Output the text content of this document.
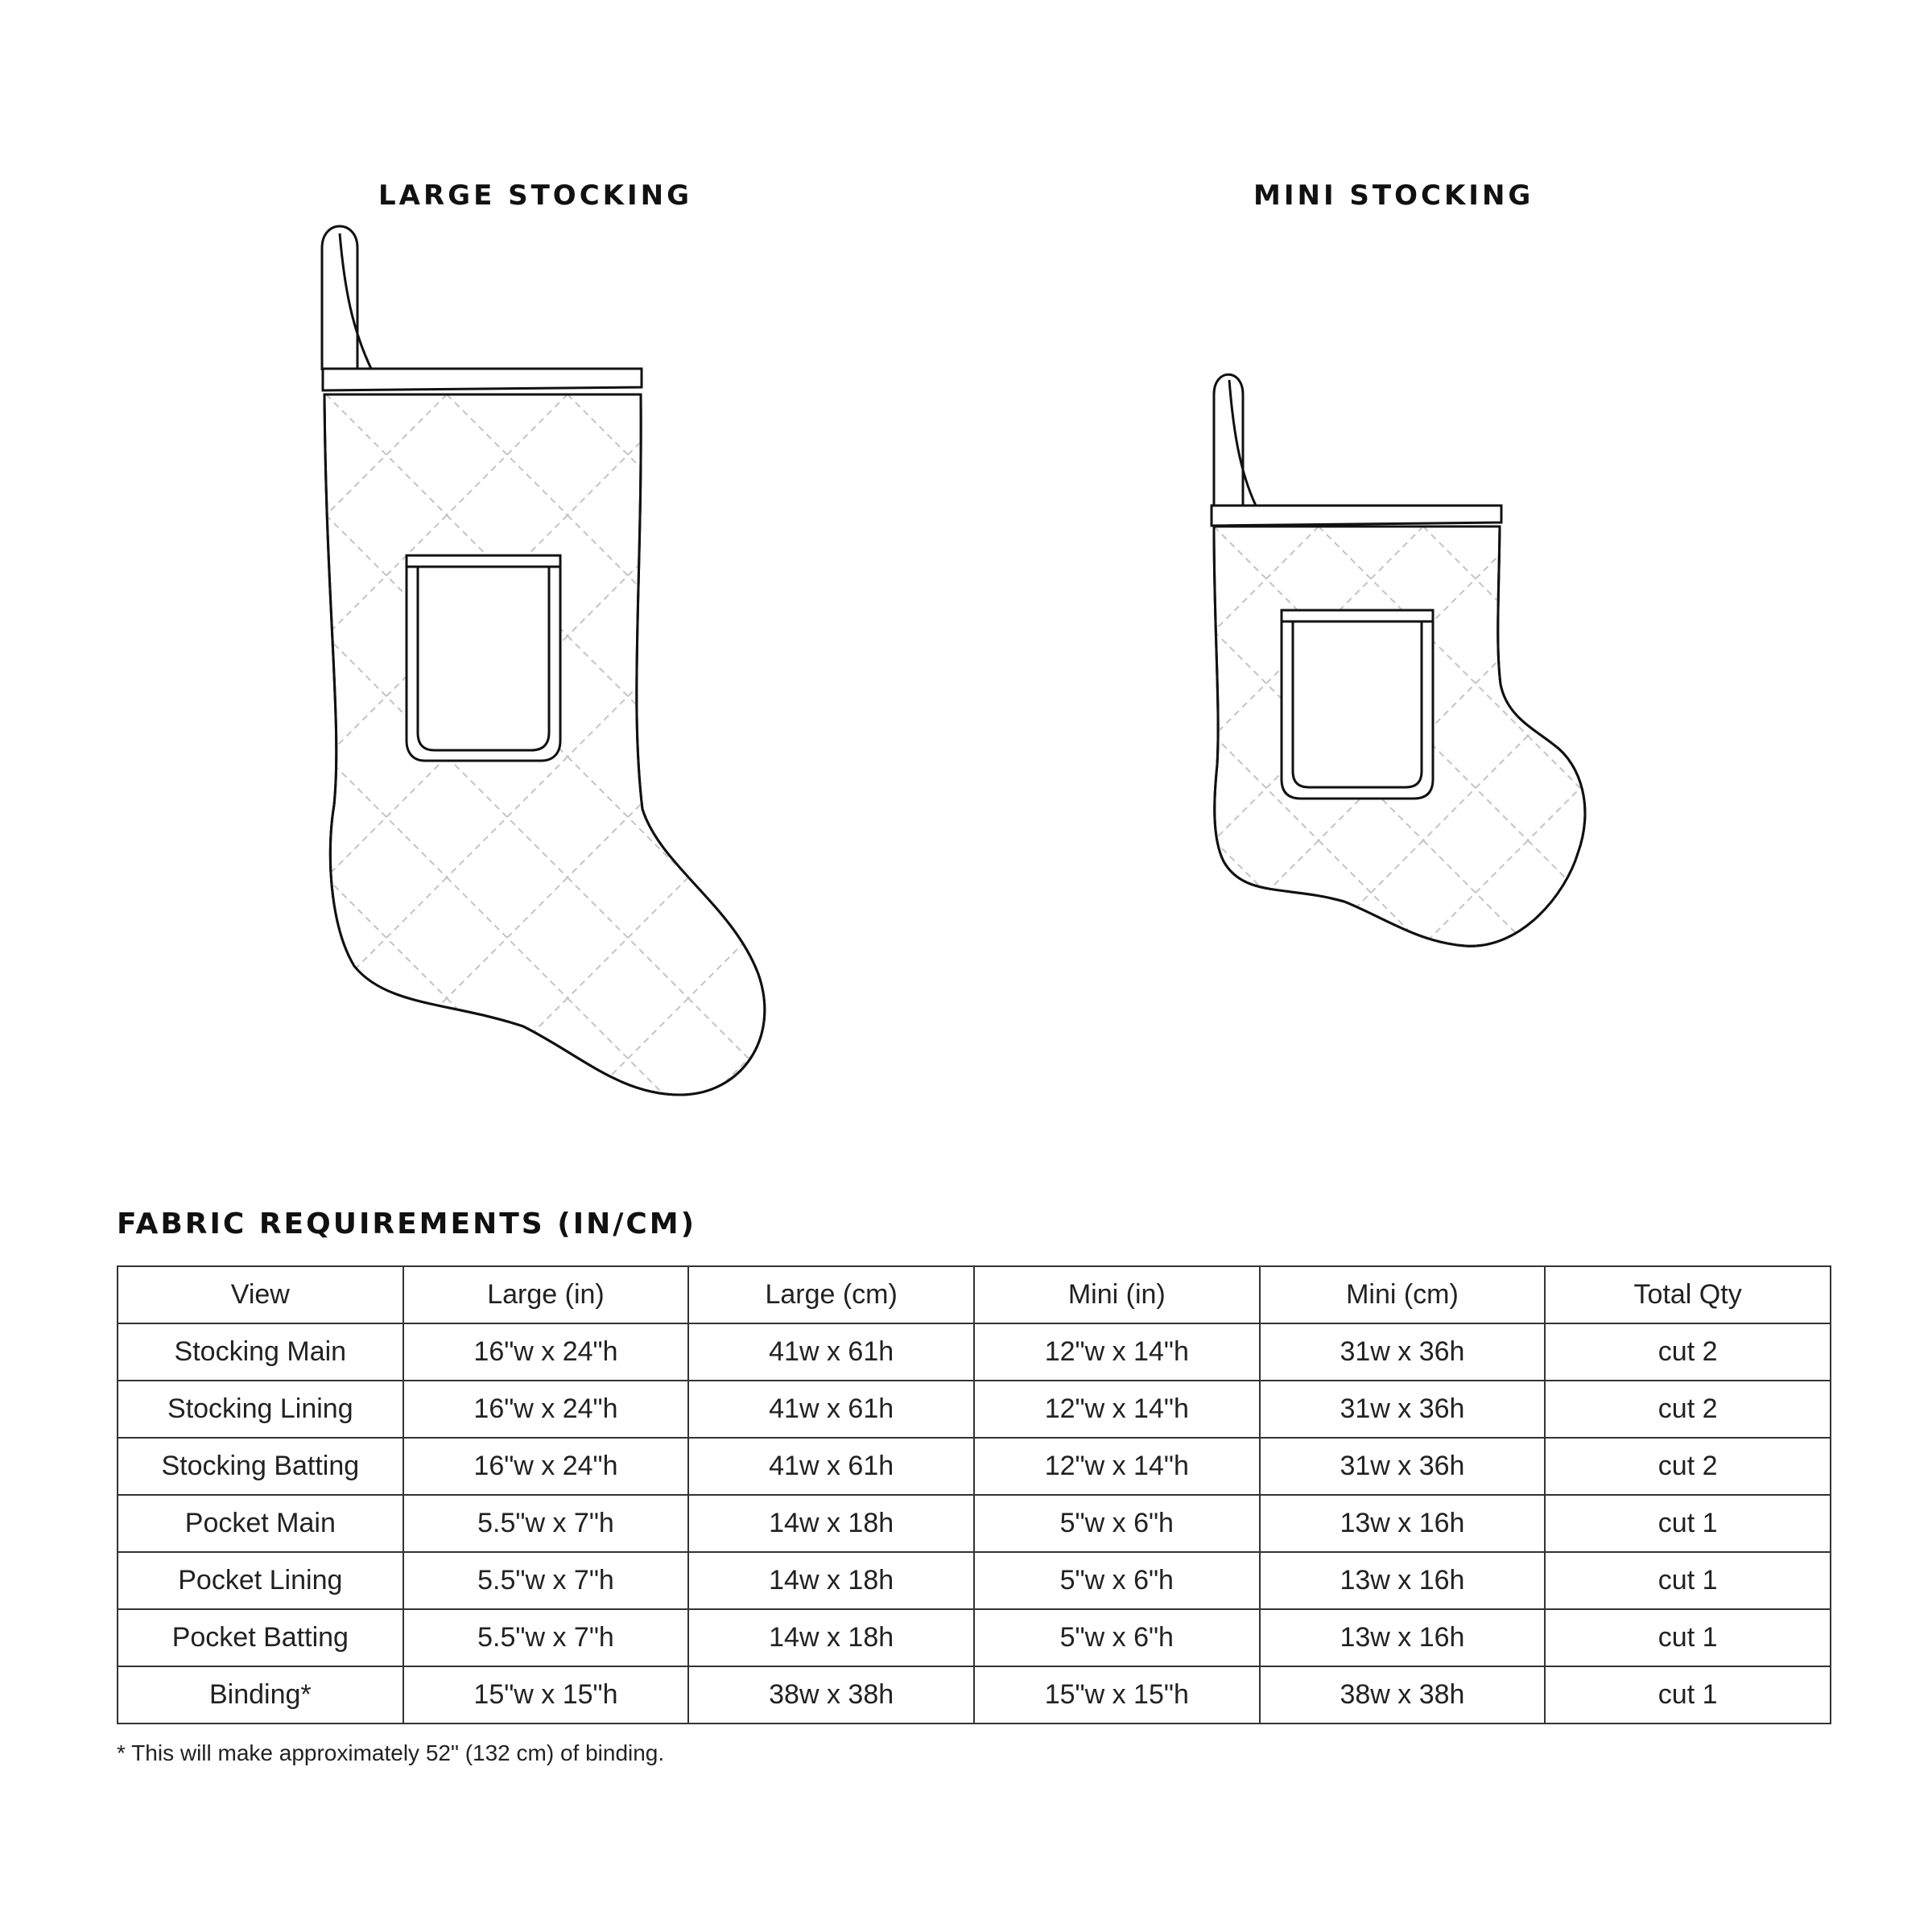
LARGE STOCKING	MINI STOCKING
FABRIC REQUIREMENTS (IN/CM)
View	Large (in)	Large (cm)	Mini (in)	Mini (cm)	Total Qty
Stocking Main	16"w x 24"h	41w x 61h	12"w x 14"h	31w x 36h	cut 2
Stocking Lining	16"w x 24"h	41w x 61h	12"w x 14"h	31w x 36h	cut 2
Stocking Batting	16"w x 24"h	41w x 61h	12"w x 14"h	31w x 36h	cut 2
Pocket Main	5.5"w x 7"h	14w x 18h	5"w x 6"h	13w x 16h	cut 1
Pocket Lining	5.5"w x 7"h	14w x 18h	5"w x 6"h	13w x 16h	cut 1
Pocket Batting	5.5"w x 7"h	14w x 18h	5"w x 6"h	13w x 16h	cut 1
Binding*	15"w x 15"h	38w x 38h	15"w x 15"h	38w x 38h	cut 1
* This will make approximately 52" (132 cm) of binding.
